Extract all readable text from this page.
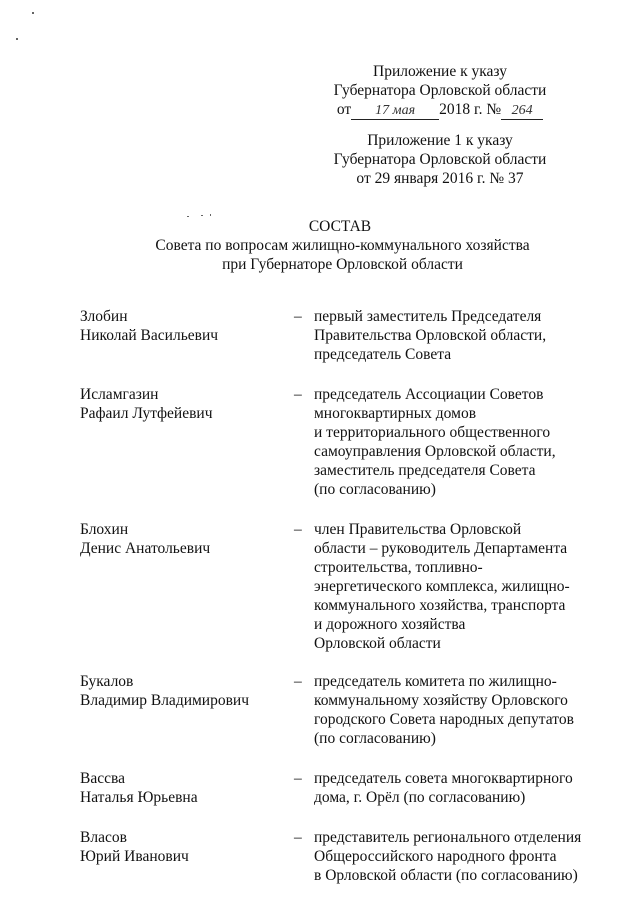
Приложение к указу
Губернатора Орловской области
от 17 мая 2018 г. № 264
Приложение 1 к указу
Губернатора Орловской области
от 29 января 2016 г. № 37
СОСТАВ
Совета по вопросам жилищно-коммунального хозяйства
при Губернаторе Орловской области
Злобин
Николай Васильевич
– первый заместитель Председателя
Правительства Орловской области,
председатель Совета
Исламгазин
Рафаил Лутфейевич
– председатель Ассоциации Советов
многоквартирных домов
и территориального общественного
самоуправления Орловской области,
заместитель председателя Совета
(по согласованию)
Блохин
Денис Анатольевич
– член Правительства Орловской
области – руководитель Департамента
строительства, топливно-
энергетического комплекса, жилищно-
коммунального хозяйства, транспорта
и дорожного хозяйства
Орловской области
Букалов
Владимир Владимирович
– председатель комитета по жилищно-
коммунальному хозяйству Орловского
городского Совета народных депутатов
(по согласованию)
Вассва
Наталья Юрьевна
– председатель совета многоквартирного
дома, г. Орёл (по согласованию)
Власов
Юрий Иванович
– представитель регионального отделения
Общероссийского народного фронта
в Орловской области (по согласованию)
